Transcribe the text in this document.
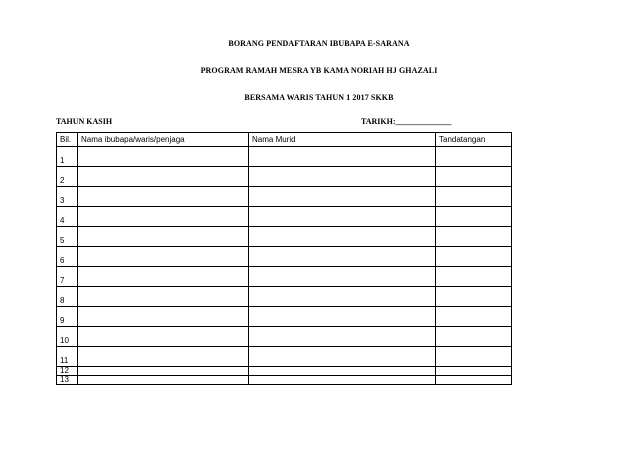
BORANG PENDAFTARAN IBUBAPA E-SARANA
PROGRAM RAMAH MESRA YB KAMA NORIAH HJ GHAZALI
BERSAMA WARIS TAHUN 1 2017 SKKB
TAHUN KASIH	TARIKH:______________
Bil.	Nama ibubapa/waris/penjaga	Nama Murid	Tandatangan
1			
2			
3			
4			
5			
6			
7			
8			
9			
10			
11			
12			
13			
